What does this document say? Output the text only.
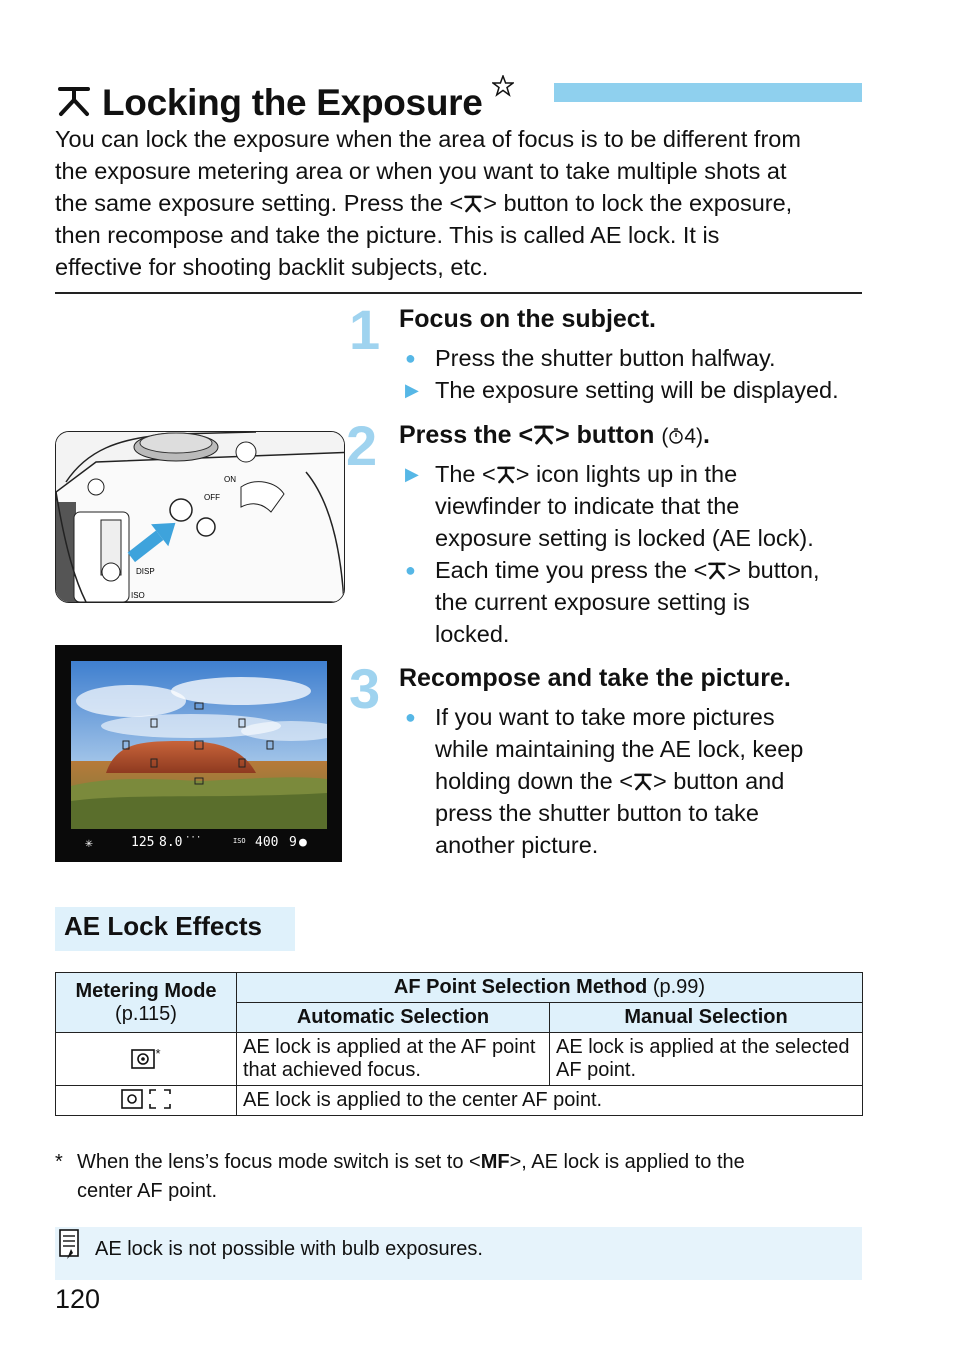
Locking the Exposure
You can lock the exposure when the area of focus is to be different from
the exposure metering area or when you want to take multiple shots at
the same exposure setting. Press the < > button to lock the exposure,
then recompose and take the picture. This is called AE lock. It is
effective for shooting backlit subjects, etc.
1 Focus on the subject.
● Press the shutter button halfway.
▶ The exposure setting will be displayed.
2 Press the < > button ( 4).
▶ The < > icon lights up in the
viewfinder to indicate that the
exposure setting is locked (AE lock).
● Each time you press the < > button,
the current exposure setting is
locked.
ON
OFF
DISP
ISO
✳	125 8.0 ···	ISO 400 9 ●
3 Recompose and take the picture.
● If you want to take more pictures
while maintaining the AE lock, keep
holding down the < > button and
press the shutter button to take
another picture.
AE Lock Effects
Metering Mode
(p.115)	AF Point Selection Method (p.99)	
	Automatic Selection	Manual Selection
*	AE lock is applied at the AF point that achieved focus.	AE lock is applied at the selected AF point.
	AE lock is applied to the center AF point.	
* When the lens’s focus mode switch is set to <MF>, AE lock is applied to the
center AF point.
AE lock is not possible with bulb exposures.
120
